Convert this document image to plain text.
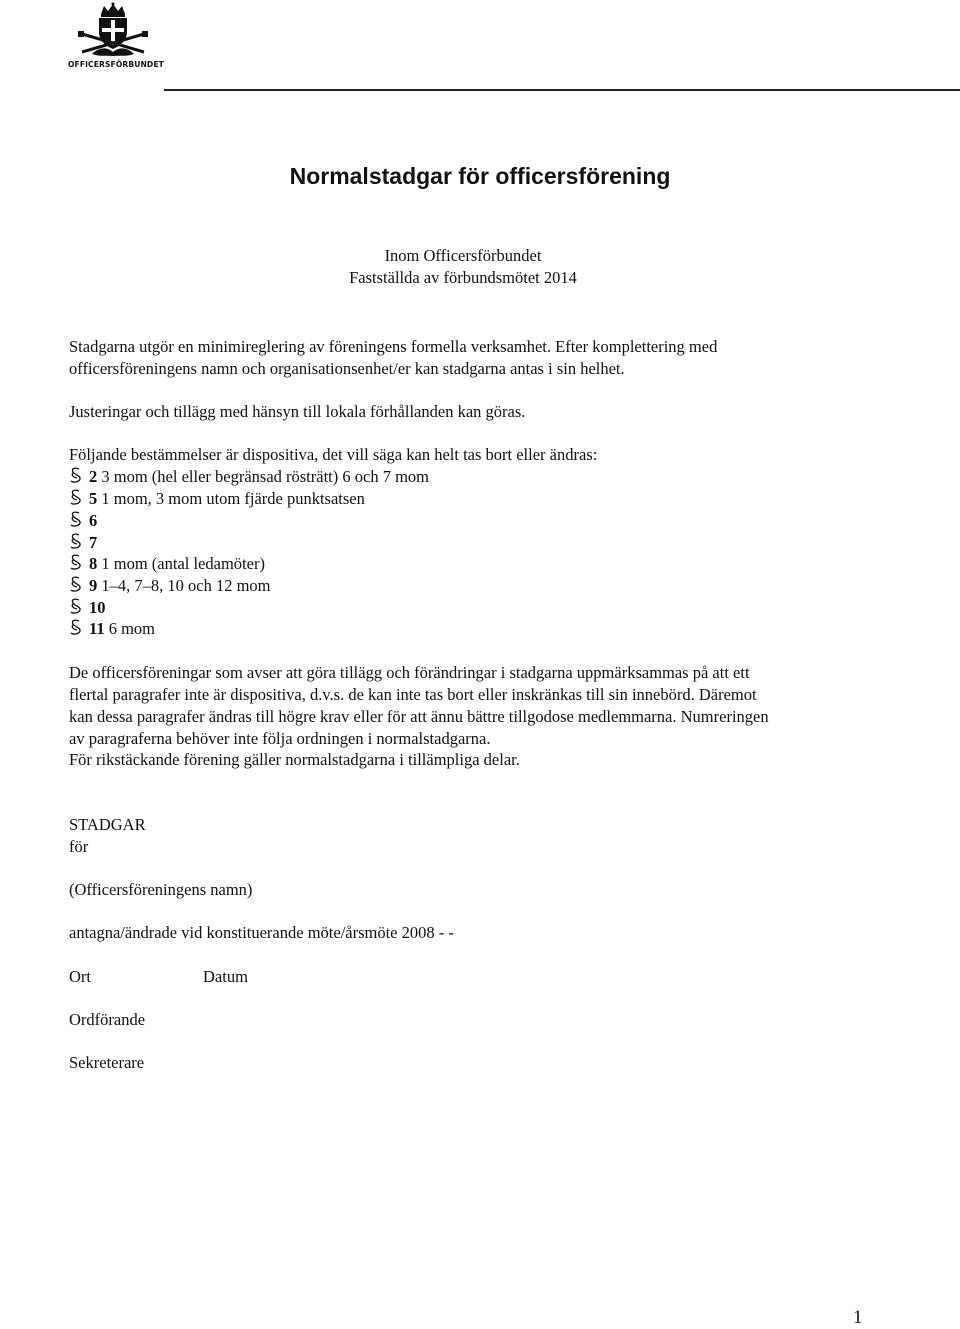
OFFICERSFÖRBUNDET
Normalstadgar för officersförening
Inom Officersförbundet
Fastställda av förbundsmötet 2014
Stadgarna utgör en minimireglering av föreningens formella verksamhet. Efter komplettering med
officersföreningens namn och organisationsenhet/er kan stadgarna antas i sin helhet.
Justeringar och tillägg med hänsyn till lokala förhållanden kan göras.
Följande bestämmelser är dispositiva, det vill säga kan helt tas bort eller ändras:
2 3 mom (hel eller begränsad rösträtt) 6 och 7 mom
5 1 mom, 3 mom utom fjärde punktsatsen
6
7
8 1 mom (antal ledamöter)
9 1–4, 7–8, 10 och 12 mom
10
11 6 mom
De officersföreningar som avser att göra tillägg och förändringar i stadgarna uppmärksammas på att ett
flertal paragrafer inte är dispositiva, d.v.s. de kan inte tas bort eller inskränkas till sin innebörd. Däremot
kan dessa paragrafer ändras till högre krav eller för att ännu bättre tillgodose medlemmarna. Numreringen
av paragraferna behöver inte följa ordningen i normalstadgarna.
För rikstäckande förening gäller normalstadgarna i tillämpliga delar.
STADGAR
för
(Officersföreningens namn)
antagna/ändrade vid konstituerande möte/årsmöte 2008 - -
Ort	Datum
Ordförande
Sekreterare
1
